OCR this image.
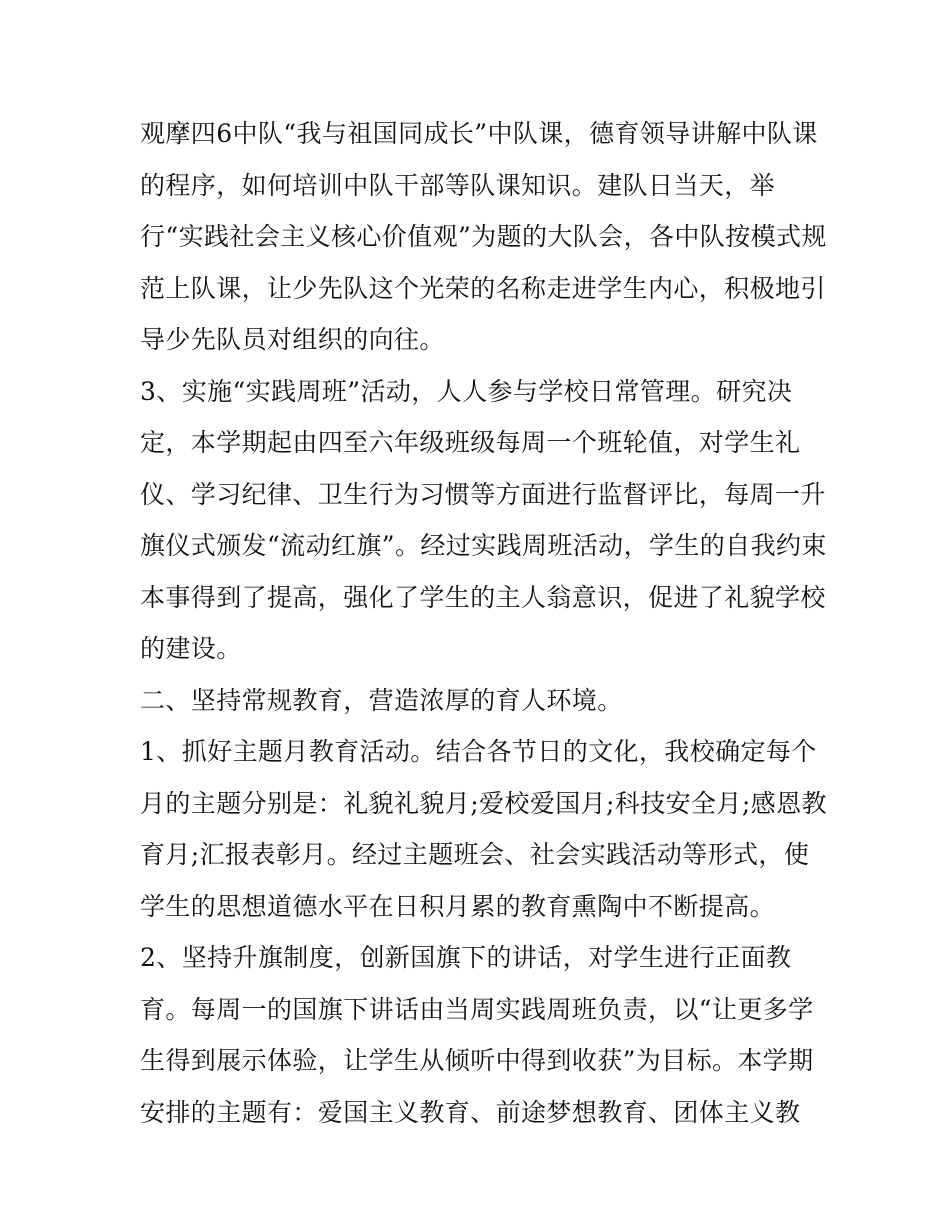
观摩四6中队“我与祖国同成长”中队课，德育领导讲解中队课
的程序，如何培训中队干部等队课知识。建队日当天，举
行“实践社会主义核心价值观”为题的大队会，各中队按模式规
范上队课，让少先队这个光荣的名称走进学生内心，积极地引
导少先队员对组织的向往。
3、实施“实践周班”活动，人人参与学校日常管理。研究决
定，本学期起由四至六年级班级每周一个班轮值，对学生礼
仪、学习纪律、卫生行为习惯等方面进行监督评比，每周一升
旗仪式颁发“流动红旗”。经过实践周班活动，学生的自我约束
本事得到了提高，强化了学生的主人翁意识，促进了礼貌学校
的建设。
二、坚持常规教育，营造浓厚的育人环境。
1、抓好主题月教育活动。结合各节日的文化，我校确定每个
月的主题分别是：礼貌礼貌月;爱校爱国月;科技安全月;感恩教
育月;汇报表彰月。经过主题班会、社会实践活动等形式，使
学生的思想道德水平在日积月累的教育熏陶中不断提高。
2、坚持升旗制度，创新国旗下的讲话，对学生进行正面教
育。每周一的国旗下讲话由当周实践周班负责，以“让更多学
生得到展示体验，让学生从倾听中得到收获”为目标。本学期
安排的主题有：爱国主义教育、前途梦想教育、团体主义教
